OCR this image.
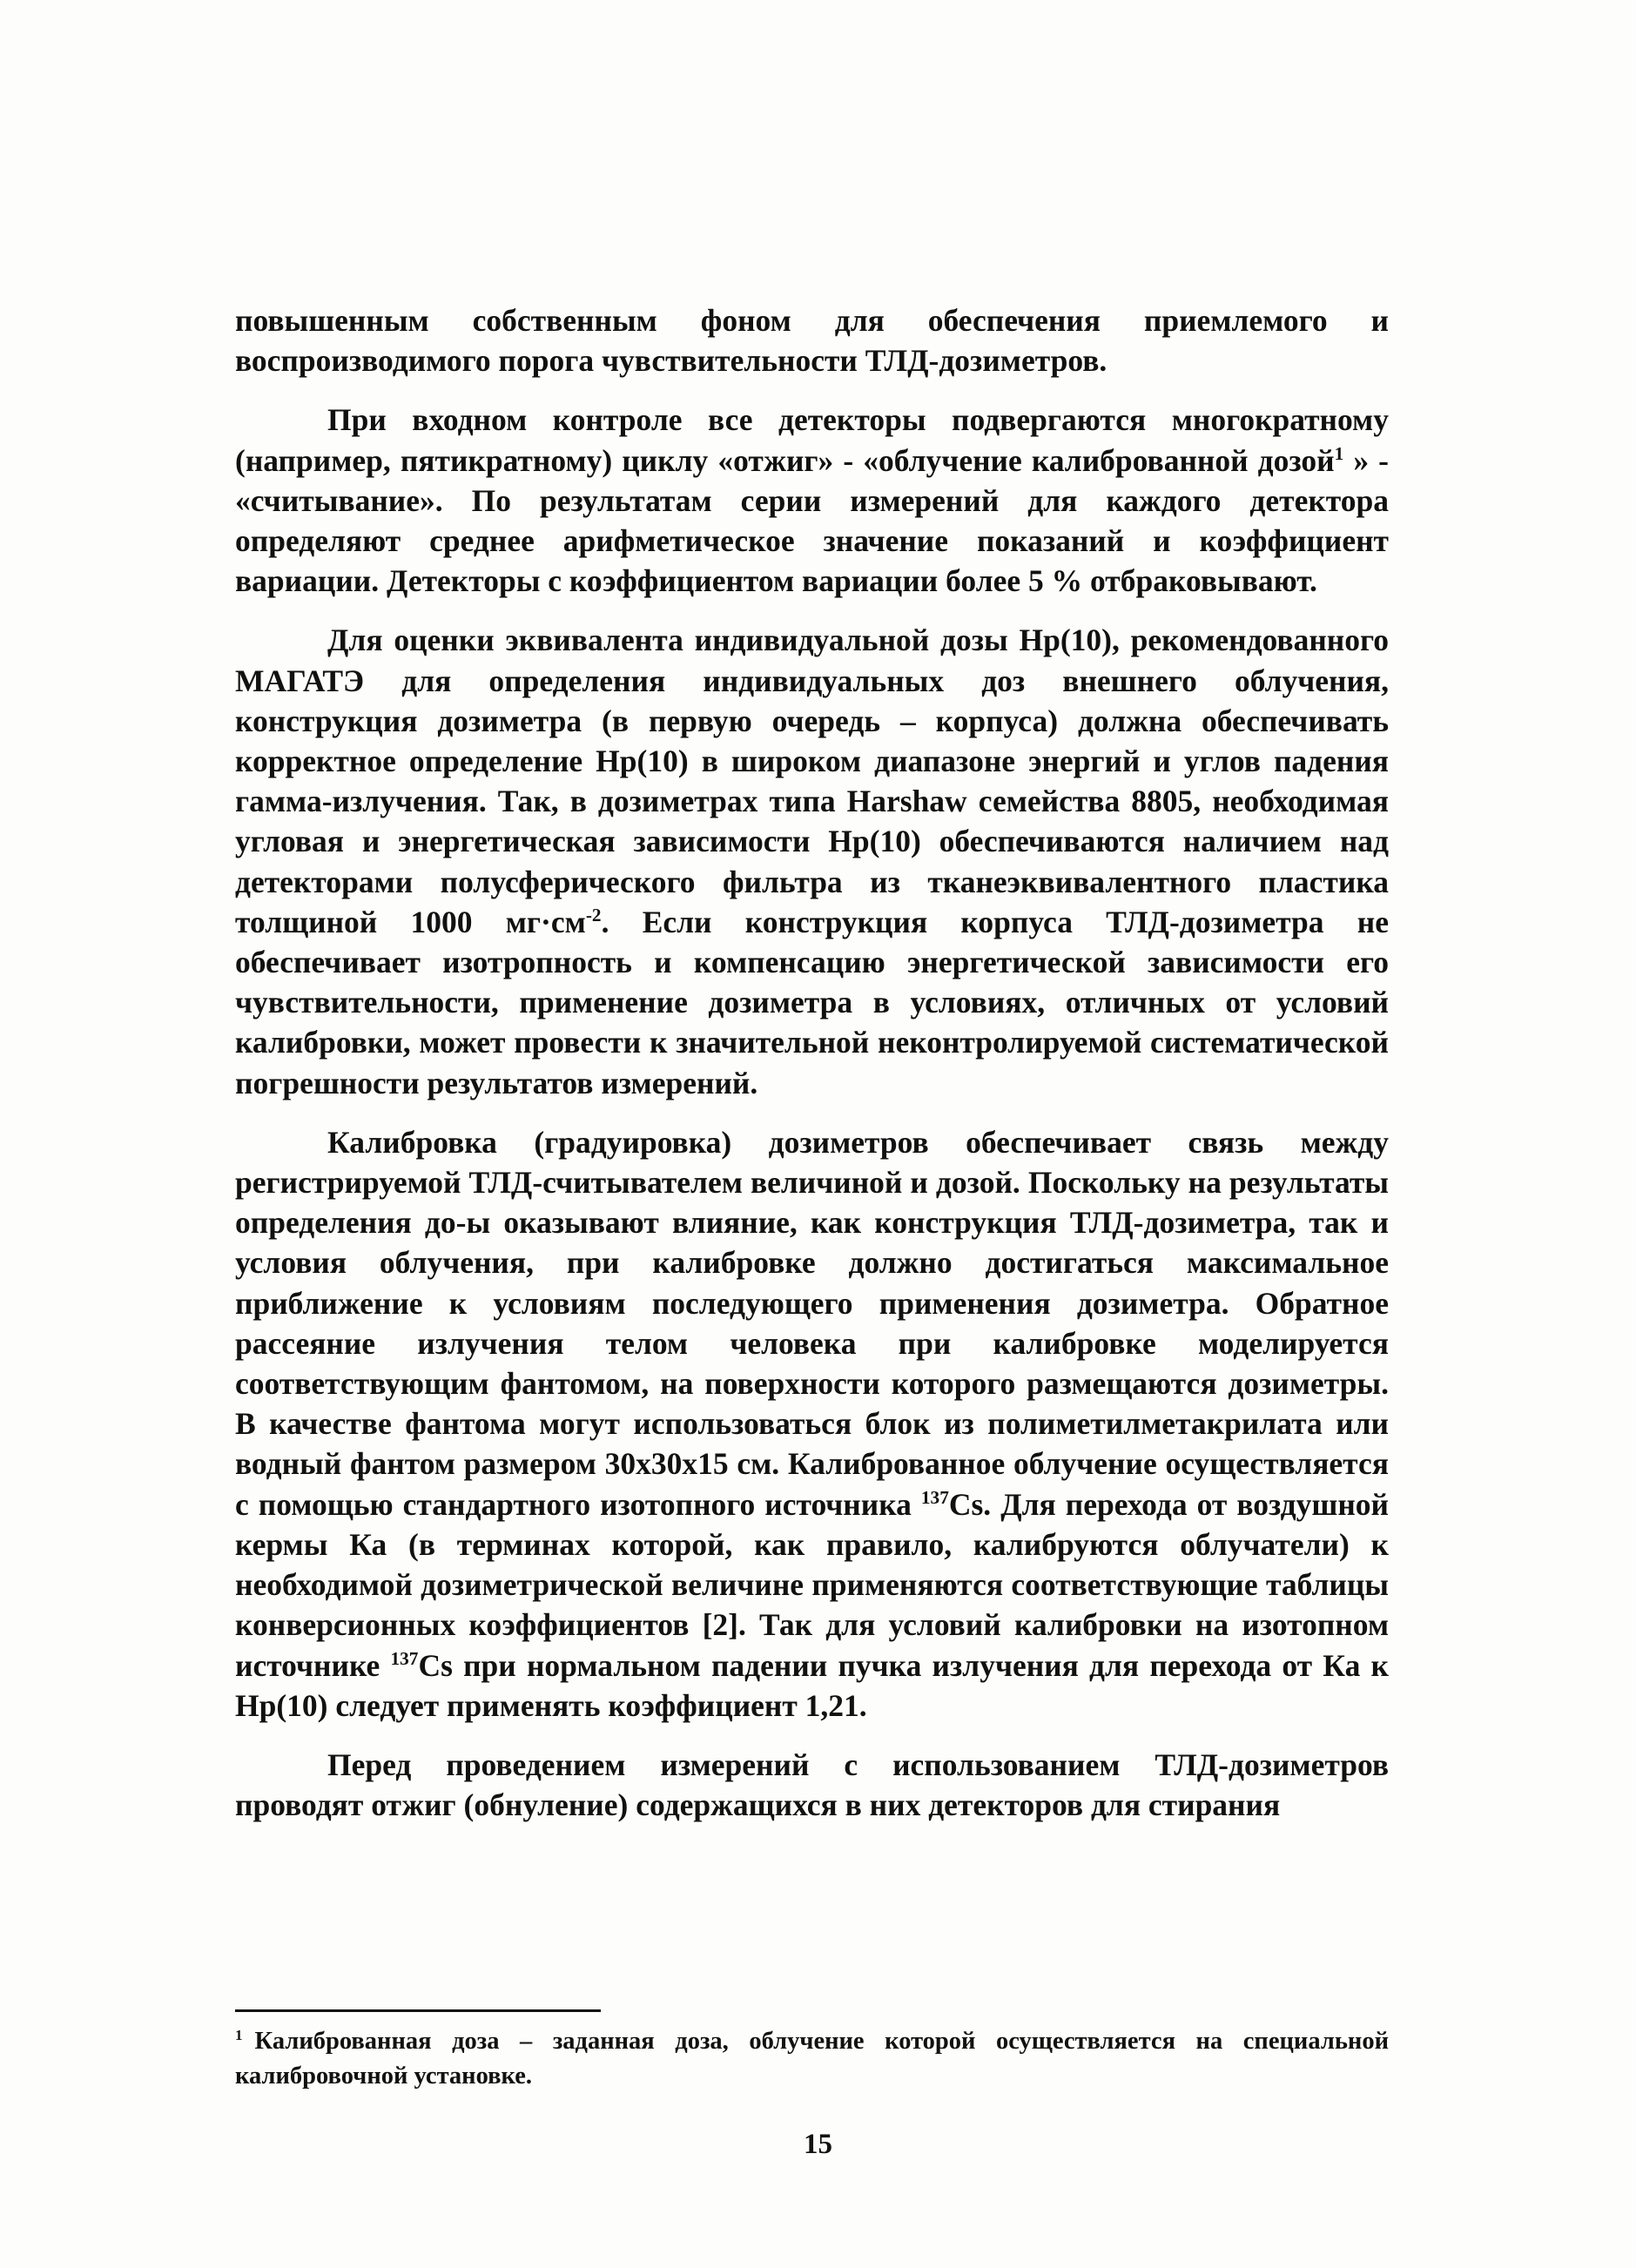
повышенным собственным фоном для обеспечения приемлемого и воспроизводимого порога чувствительности ТЛД-дозиметров.

При входном контроле все детекторы подвергаются многократному (например, пятикратному) циклу «отжиг» - «облучение калиброванной дозой$^1$ » - «считывание». По результатам серии измерений для каждого детектора определяют среднее арифметическое значение показаний и коэффициент вариации. Детекторы с коэффициентом вариации более 5 % отбраковывают.

Для оценки эквивалента индивидуальной дозы Hp(10), рекомендованного МАГАТЭ для определения индивидуальных доз внешнего облучения, конструкция дозиметра (в первую очередь – корпуса) должна обеспечивать корректное определение Hp(10) в широком диапазоне энергий и углов падения гамма-излучения. Так, в дозиметрах типа Harshaw семейства 8805, необходимая угловая и энергетическая зависимости Hp(10) обеспечиваются наличием над детекторами полусферического фильтра из тканеэквивалентного пластика толщиной 1000 $мг\cdot см^{-2}$. Если конструкция корпуса ТЛД-дозиметра не обеспечивает изотропность и компенсацию энергетической зависимости его чувствительности, применение дозиметра в условиях, отличных от условий калибровки, может провести к значительной неконтролируемой систематической погрешности результатов измерений.

Калибровка (градуировка) дозиметров обеспечивает связь между регистрируемой ТЛД-считывателем величиной и дозой. Поскольку на результаты определения до-ы оказывают влияние, как конструкция ТЛД-дозиметра, так и условия облучения, при калибровке должно достигаться максимальное приближение к условиям последующего применения дозиметра. Обратное рассеяние излучения телом человека при калибровке моделируется соответствующим фантомом, на поверхности которого размещаются дозиметры. В качестве фантома могут использоваться блок из полиметилметакрилата или водный фантом размером 30х30х15 см. Калиброванное облучение осуществляется с помощью стандартного изотопного источника $^{137}$Cs. Для перехода от воздушной кермы Ка (в терминах которой, как правило, калибруются облучатели) к необходимой дозиметрической величине применяются соответствующие таблицы конверсионных коэффициентов [2]. Так для условий калибровки на изотопном источнике $^{137}$Cs при нормальном падении пучка излучения для перехода от Ка к Hp(10) следует применять коэффициент 1,21.

Перед проведением измерений с использованием ТЛД-дозиметров проводят отжиг (обнуление) содержащихся в них детекторов для стирания

$^1$ Калиброванная доза – заданная доза, облучение которой осуществляется на специальной калибровочной установке.
15
